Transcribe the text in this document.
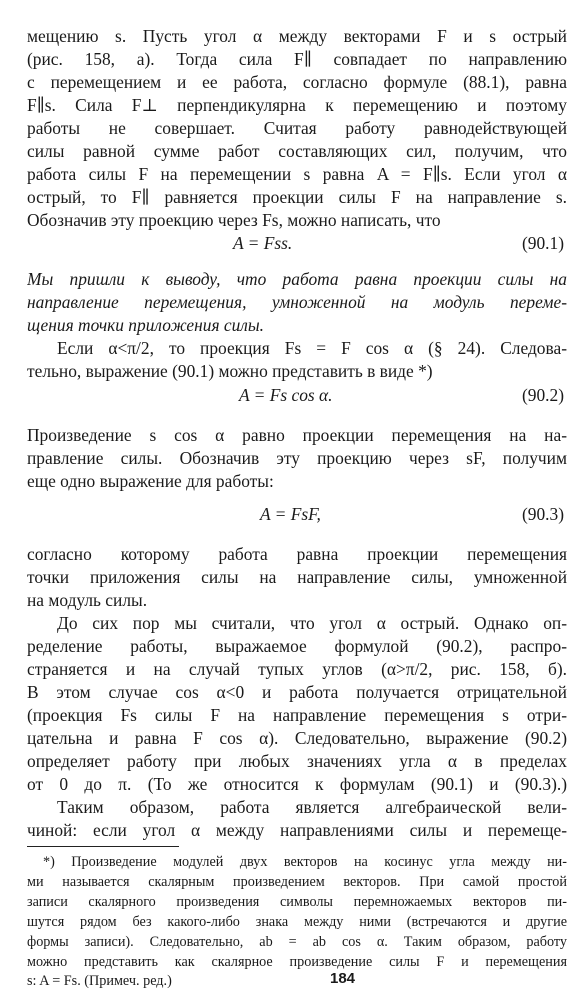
мещению s. Пусть угол α между векторами F и s острый
(рис. 158, а). Тогда сила F∥ совпадает по направлению
с перемещением и ее работа, согласно формуле (88.1), равна
F∥s. Сила F⊥ перпендикулярна к перемещению и поэтому
работы не совершает. Считая работу равнодействующей
силы равной сумме работ составляющих сил, получим, что
работа силы F на перемещении s равна A = F∥s. Если угол α
острый, то F∥ равняется проекции силы F на направление s.
Обозначив эту проекцию через Fs, можно написать, что
A = Fss.	(90.1)
Мы пришли к выводу, что работа равна проекции силы на
направление перемещения, умноженной на модуль переме-
щения точки приложения силы.
Если α<π/2, то проекция Fs = F cos α (§ 24). Следова-
тельно, выражение (90.1) можно представить в виде *)
A = Fs cos α.	(90.2)
Произведение s cos α равно проекции перемещения на на-
правление силы. Обозначив эту проекцию через sF, получим
еще одно выражение для работы:
A = FsF,	(90.3)
согласно которому работа равна проекции перемещения
точки приложения силы на направление силы, умноженной
на модуль силы.
До сих пор мы считали, что угол α острый. Однако оп-
ределение работы, выражаемое формулой (90.2), распро-
страняется и на случай тупых углов (α>π/2, рис. 158, б).
В этом случае cos α<0 и работа получается отрицательной
(проекция Fs силы F на направление перемещения s отри-
цательна и равна F cos α). Следовательно, выражение (90.2)
определяет работу при любых значениях угла α в пределах
от 0 до π. (То же относится к формулам (90.1) и (90.3).)
Таким образом, работа является алгебраической вели-
чиной: если угол α между направлениями силы и перемеще-
*) Произведение модулей двух векторов на косинус угла между ни-
ми называется скалярным произведением векторов. При самой простой
записи скалярного произведения символы перемножаемых векторов пи-
шутся рядом без какого-либо знака между ними (встречаются и другие
формы записи). Следовательно, ab = ab cos α. Таким образом, работу
можно представить как скалярное произведение силы F и перемещения
s: A = Fs. (Примеч. ред.)	184
